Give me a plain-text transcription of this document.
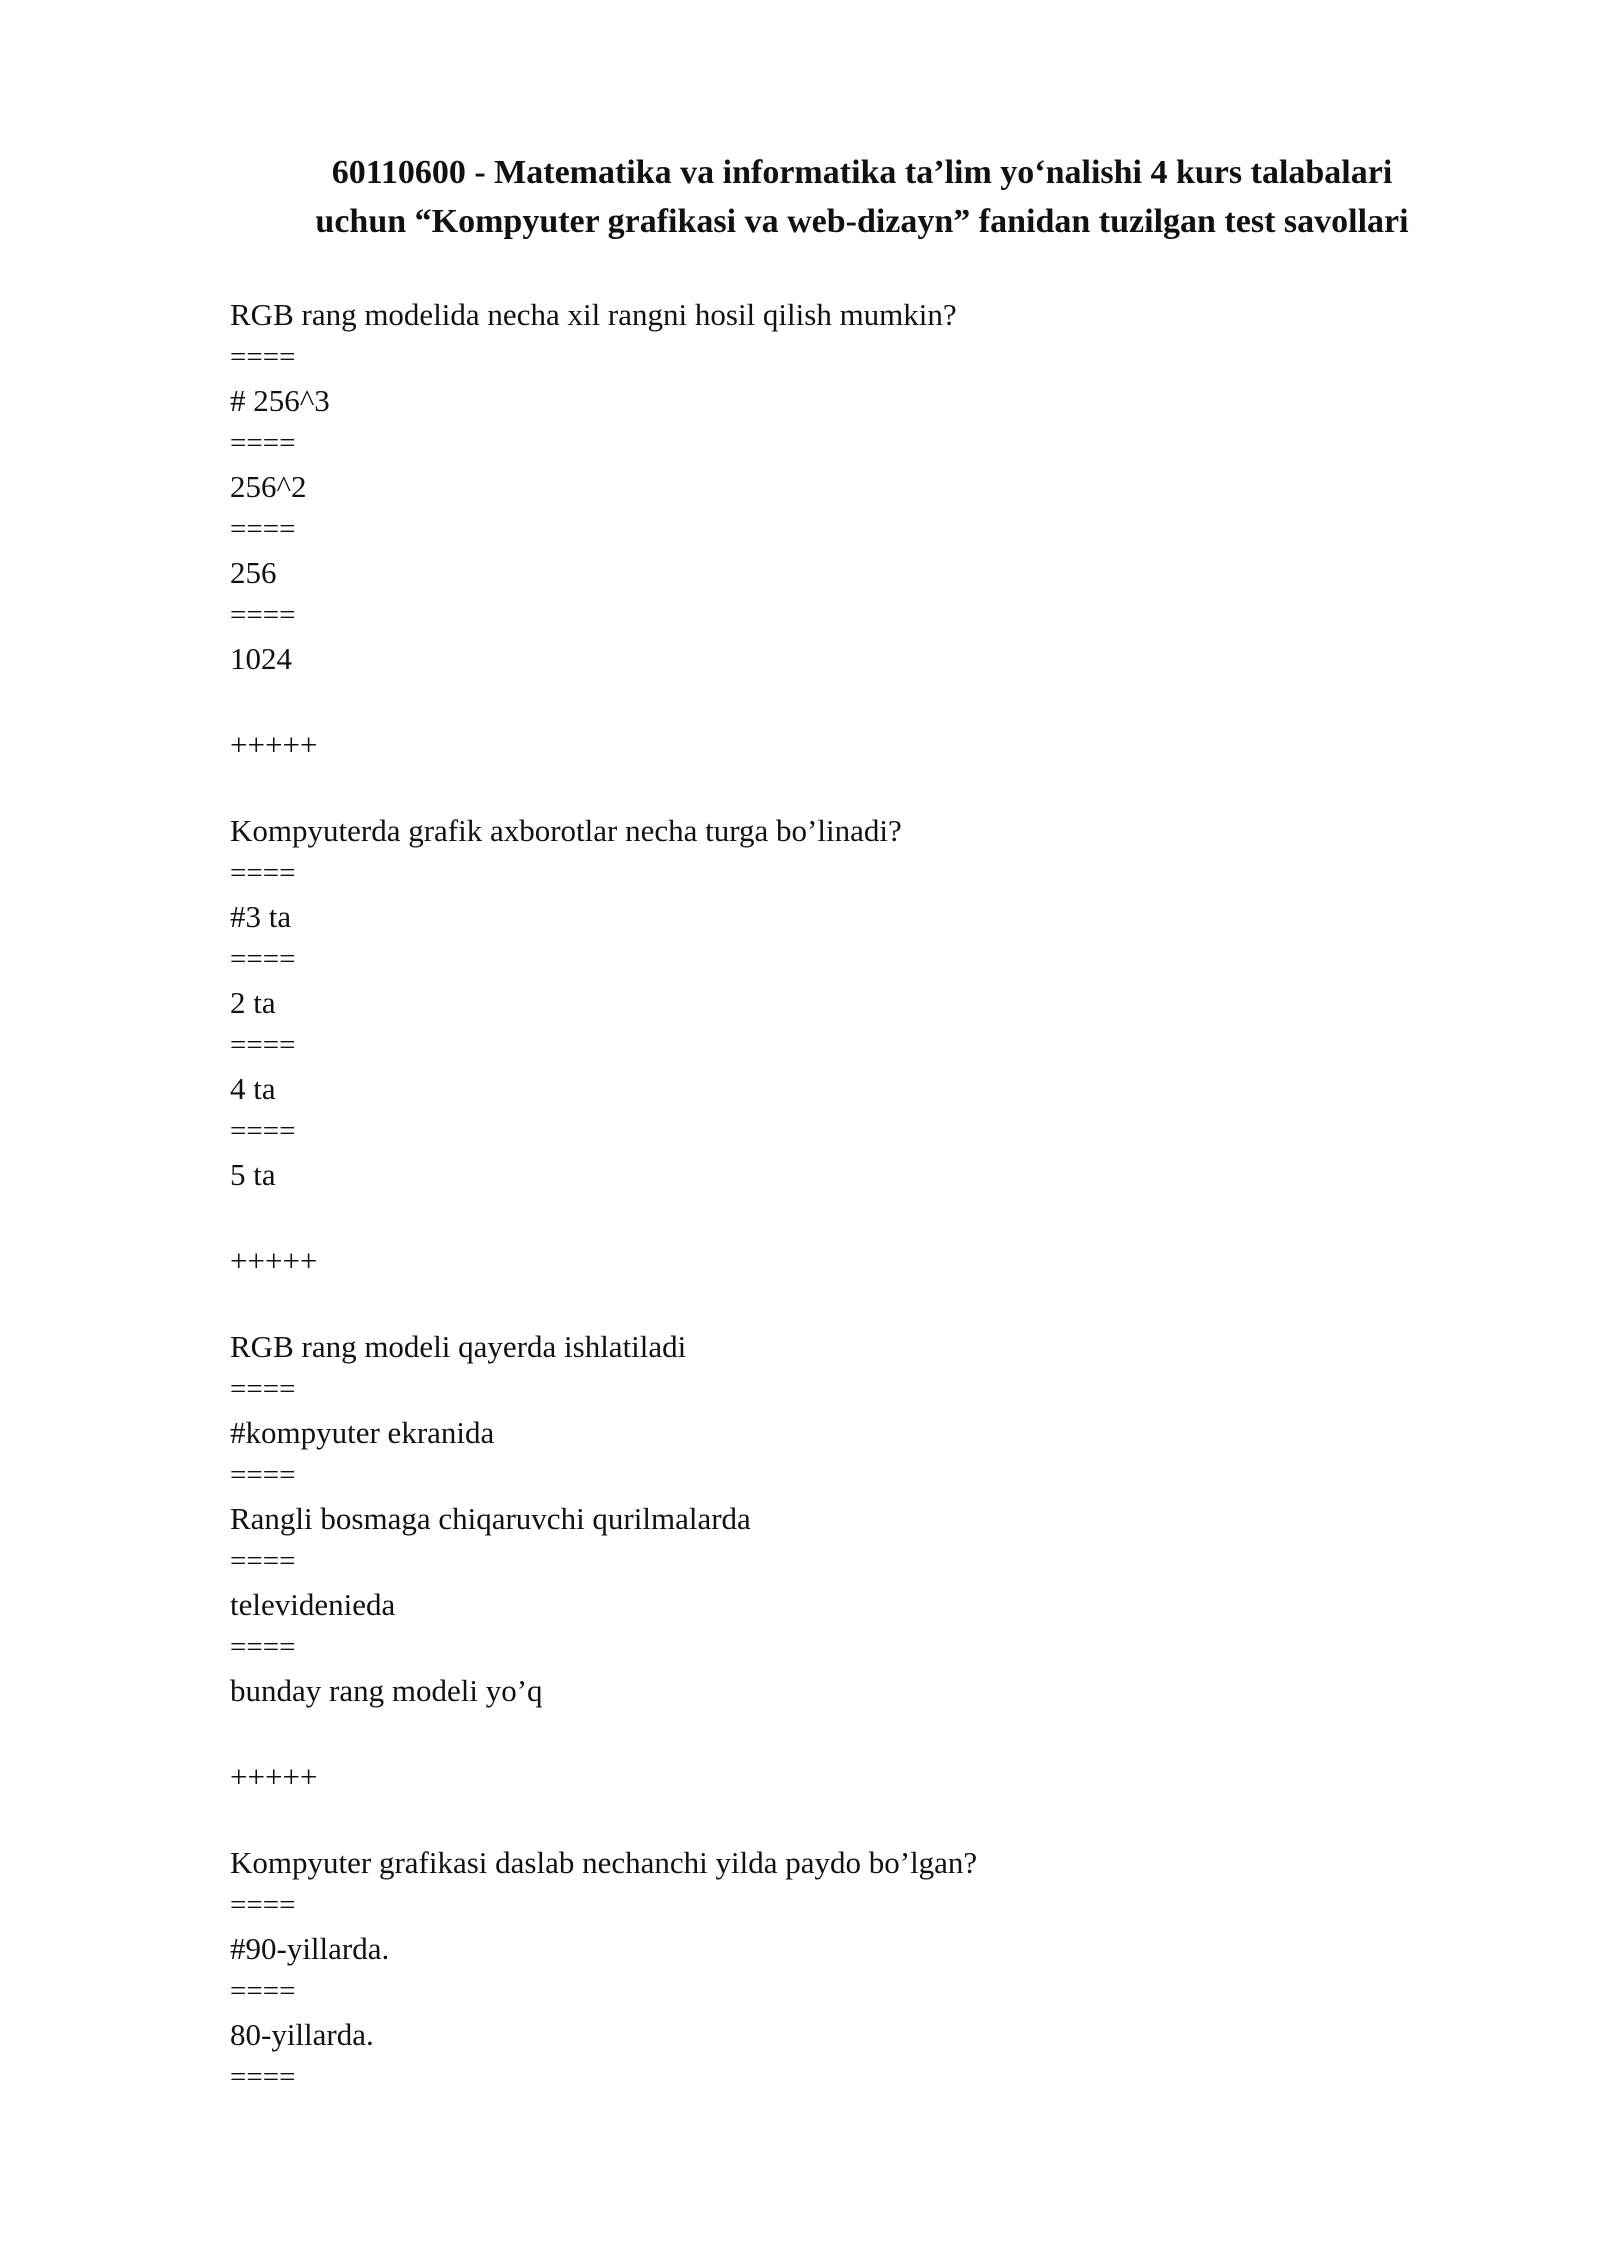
60110600 - Matematika va informatika ta’lim yo‘nalishi 4 kurs talabalari
uchun “Kompyuter grafikasi va web-dizayn” fanidan tuzilgan test savollari
RGB rang modelida necha xil rangni hosil qilish mumkin?
====
# 256^3
====
256^2
====
256
====
1024
+++++
Kompyuterda grafik axborotlar necha turga bo’linadi?
====
#3 ta
====
2 ta
====
4 ta
====
5 ta
+++++
RGB rang modeli qayerda ishlatiladi
====
#kompyuter ekranida
====
Rangli bosmaga chiqaruvchi qurilmalarda
====
televidenieda
====
bunday rang modeli yo’q
+++++
Kompyuter grafikasi daslab nechanchi yilda paydo bo’lgan?
====
#90-yillarda.
====
80-yillarda.
====
